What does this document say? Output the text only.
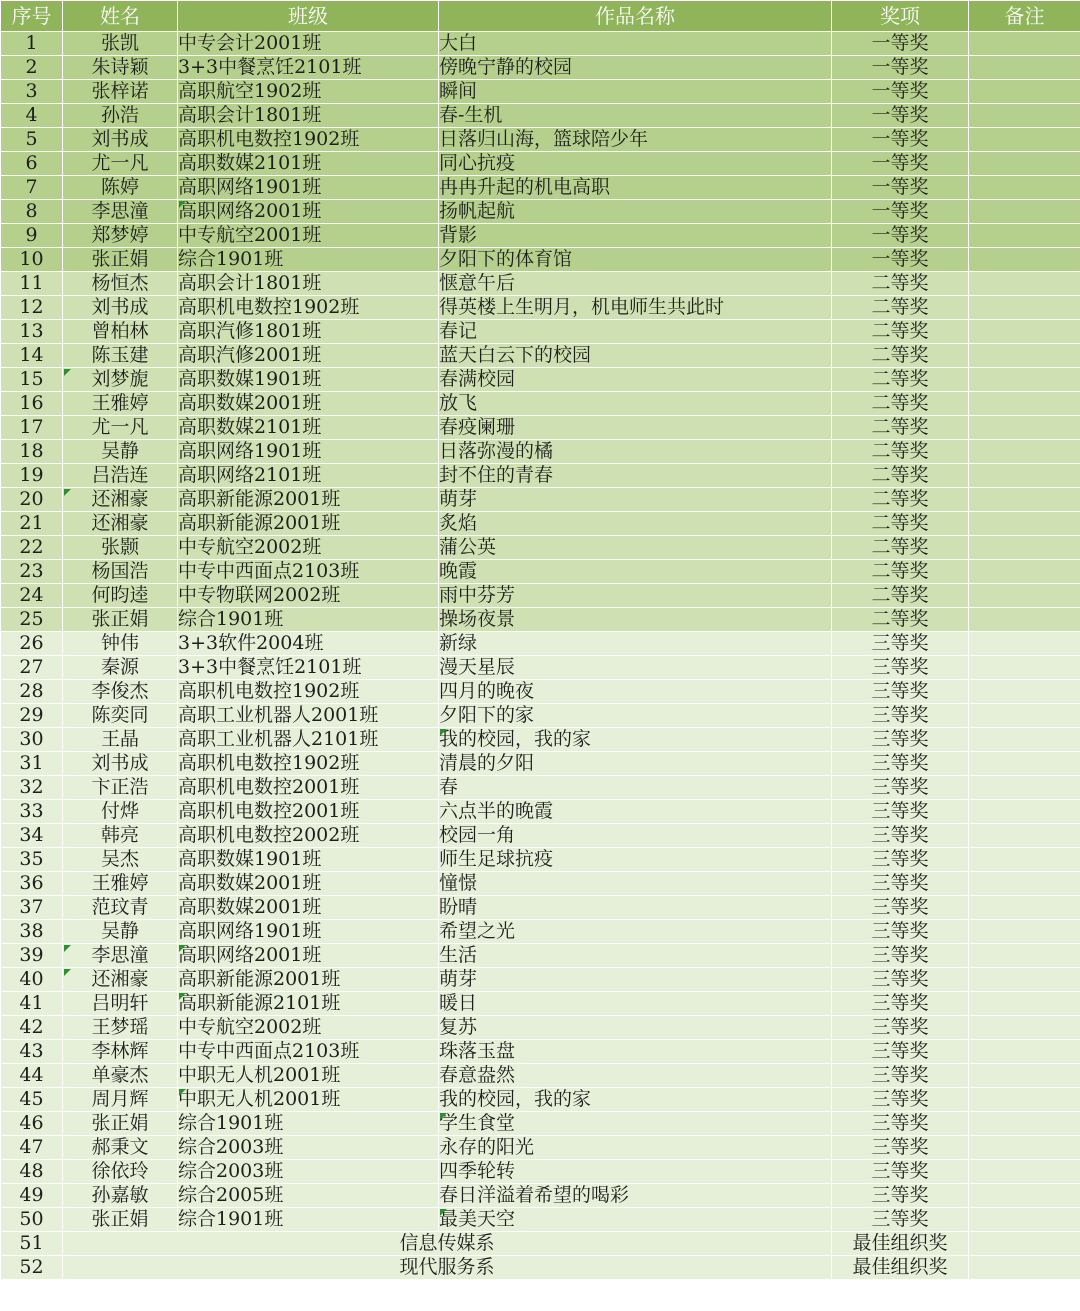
序号	姓名	班级	作品名称	奖项	备注
1	张凯	中专会计2001班	大白	一等奖	
2	朱诗颖	3+3中餐烹饪2101班	傍晚宁静的校园	一等奖	
3	张梓诺	高职航空1902班	瞬间	一等奖	
4	孙浩	高职会计1801班	春-生机	一等奖	
5	刘书成	高职机电数控1902班	日落归山海，篮球陪少年	一等奖	
6	尤一凡	高职数媒2101班	同心抗疫	一等奖	
7	陈婷	高职网络1901班	冉冉升起的机电高职	一等奖	
8	李思潼	高职网络2001班	扬帆起航	一等奖	
9	郑梦婷	中专航空2001班	背影	一等奖	
10	张正娟	综合1901班	夕阳下的体育馆	一等奖	
11	杨恒杰	高职会计1801班	惬意午后	二等奖	
12	刘书成	高职机电数控1902班	得英楼上生明月，机电师生共此时	二等奖	
13	曾柏林	高职汽修1801班	春记	二等奖	
14	陈玉建	高职汽修2001班	蓝天白云下的校园	二等奖	
15	刘梦旎	高职数媒1901班	春满校园	二等奖	
16	王雅婷	高职数媒2001班	放飞	二等奖	
17	尤一凡	高职数媒2101班	春疫阑珊	二等奖	
18	吴静	高职网络1901班	日落弥漫的橘	二等奖	
19	吕浩连	高职网络2101班	封不住的青春	二等奖	
20	还湘豪	高职新能源2001班	萌芽	二等奖	
21	还湘豪	高职新能源2001班	炙焰	二等奖	
22	张颢	中专航空2002班	蒲公英	二等奖	
23	杨国浩	中专中西面点2103班	晚霞	二等奖	
24	何昀逵	中专物联网2002班	雨中芬芳	二等奖	
25	张正娟	综合1901班	操场夜景	二等奖	
26	钟伟	3+3软件2004班	新绿	三等奖	
27	秦源	3+3中餐烹饪2101班	漫天星辰	三等奖	
28	李俊杰	高职机电数控1902班	四月的晚夜	三等奖	
29	陈奕同	高职工业机器人2001班	夕阳下的家	三等奖	
30	王晶	高职工业机器人2101班	我的校园，我的家	三等奖	
31	刘书成	高职机电数控1902班	清晨的夕阳	三等奖	
32	卞正浩	高职机电数控2001班	春	三等奖	
33	付烨	高职机电数控2001班	六点半的晚霞	三等奖	
34	韩亮	高职机电数控2002班	校园一角	三等奖	
35	吴杰	高职数媒1901班	师生足球抗疫	三等奖	
36	王雅婷	高职数媒2001班	憧憬	三等奖	
37	范玟青	高职数媒2001班	盼晴	三等奖	
38	吴静	高职网络1901班	希望之光	三等奖	
39	李思潼	高职网络2001班	生活	三等奖	
40	还湘豪	高职新能源2001班	萌芽	三等奖	
41	吕明轩	高职新能源2101班	暖日	三等奖	
42	王梦瑶	中专航空2002班	复苏	三等奖	
43	李林辉	中专中西面点2103班	珠落玉盘	三等奖	
44	单豪杰	中职无人机2001班	春意盎然	三等奖	
45	周月辉	中职无人机2001班	我的校园，我的家	三等奖	
46	张正娟	综合1901班	学生食堂	三等奖	
47	郝秉文	综合2003班	永存的阳光	三等奖	
48	徐依玲	综合2003班	四季轮转	三等奖	
49	孙嘉敏	综合2005班	春日洋溢着希望的喝彩	三等奖	
50	张正娟	综合1901班	最美天空	三等奖	
51	信息传媒系			最佳组织奖	
52	现代服务系			最佳组织奖	
